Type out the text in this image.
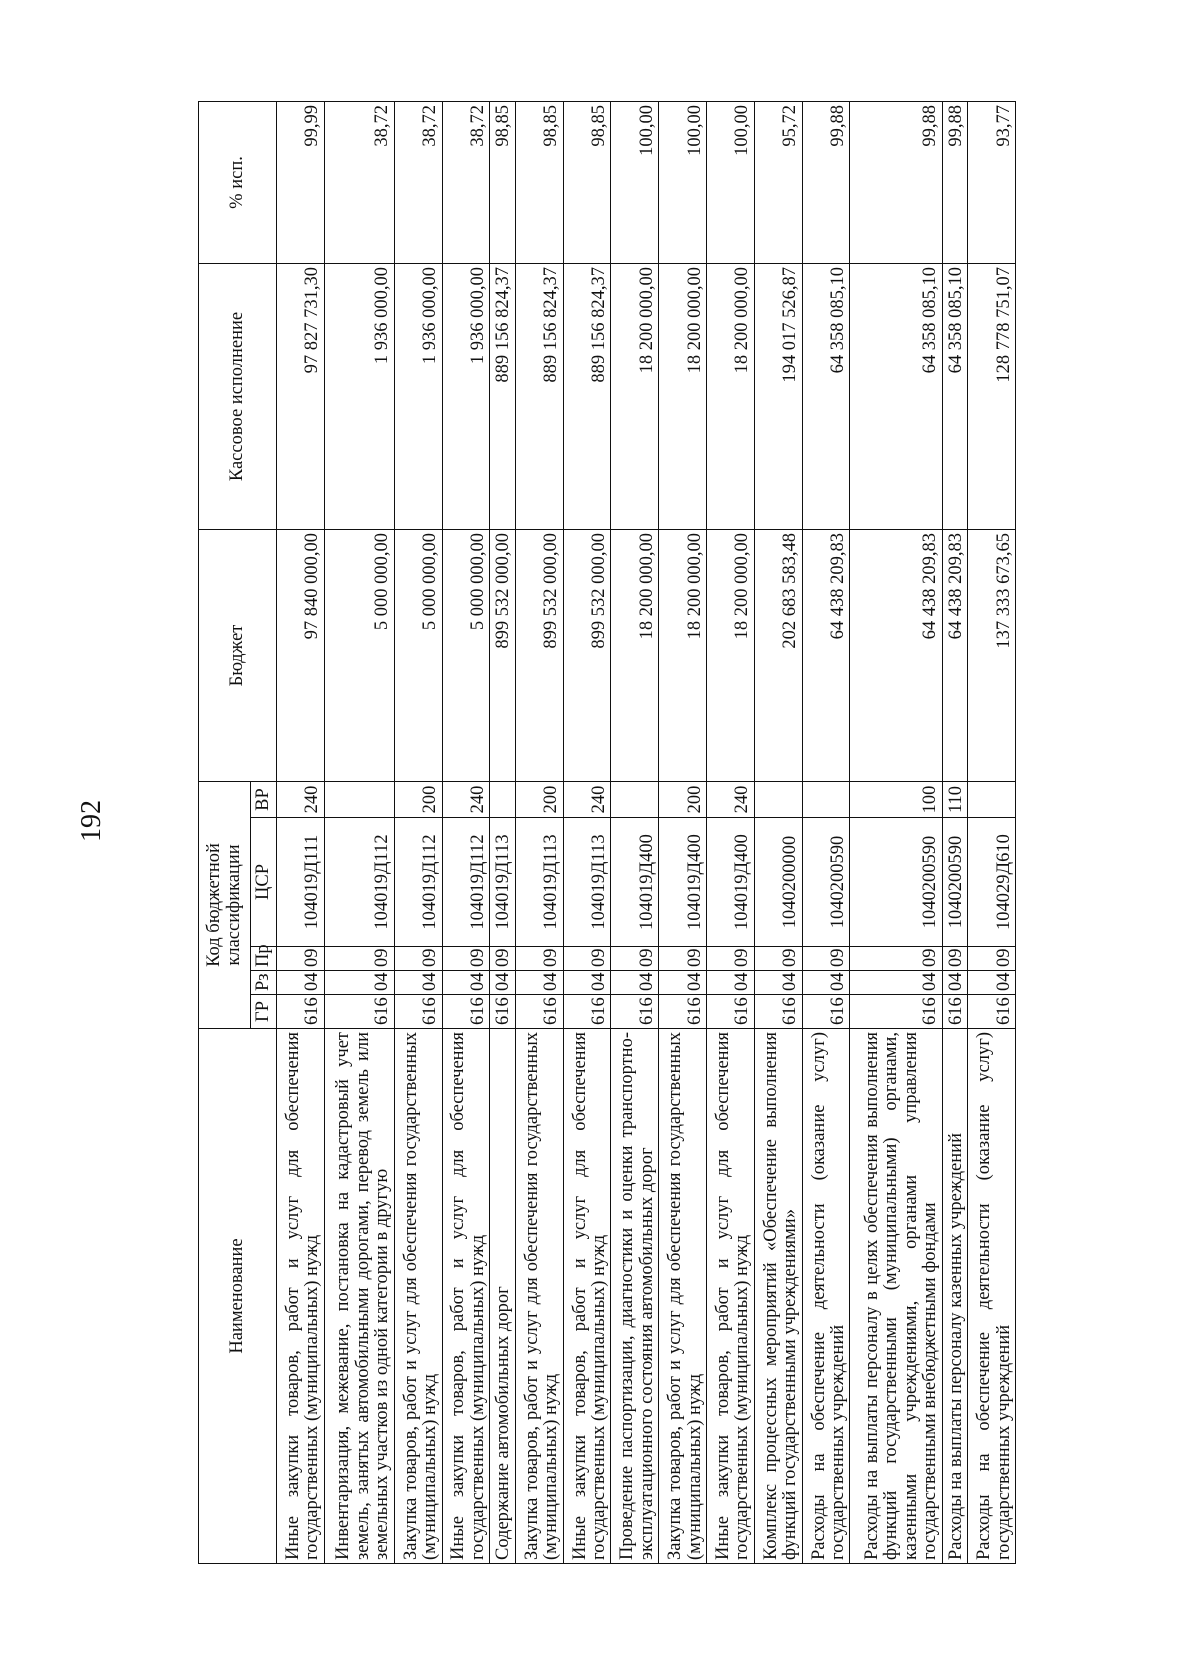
192
Наименование	Код бюджетной классификации					Бюджет	Кассовое исполнение	% исп.
	ГР	Рз	Пр	ЦСР	ВР			
Иные закупки товаров, работ и услуг для обеспечения государственных (муниципальных) нужд	616	04	09	104019Д111	240	97 840 000,00	97 827 731,30	99,99
Инвентаризация, межевание, постановка на кадастровый учет земель, занятых автомобильными дорогами, перевод земель или земельных участков из одной категории в другую	616	04	09	104019Д112		5 000 000,00	1 936 000,00	38,72
Закупка товаров, работ и услуг для обеспечения государственных (муниципальных) нужд	616	04	09	104019Д112	200	5 000 000,00	1 936 000,00	38,72
Иные закупки товаров, работ и услуг для обеспечения государственных (муниципальных) нужд	616	04	09	104019Д112	240	5 000 000,00	1 936 000,00	38,72
Содержание автомобильных дорог	616	04	09	104019Д113		899 532 000,00	889 156 824,37	98,85
Закупка товаров, работ и услуг для обеспечения государственных (муниципальных) нужд	616	04	09	104019Д113	200	899 532 000,00	889 156 824,37	98,85
Иные закупки товаров, работ и услуг для обеспечения государственных (муниципальных) нужд	616	04	09	104019Д113	240	899 532 000,00	889 156 824,37	98,85
Проведение паспортизации, диагностики и оценки транспортно-эксплуатационного состояния автомобильных дорог	616	04	09	104019Д400		18 200 000,00	18 200 000,00	100,00
Закупка товаров, работ и услуг для обеспечения государственных (муниципальных) нужд	616	04	09	104019Д400	200	18 200 000,00	18 200 000,00	100,00
Иные закупки товаров, работ и услуг для обеспечения государственных (муниципальных) нужд	616	04	09	104019Д400	240	18 200 000,00	18 200 000,00	100,00
Комплекс процессных мероприятий «Обеспечение выполнения функций государственными учреждениями»	616	04	09	1040200000		202 683 583,48	194 017 526,87	95,72
Расходы на обеспечение деятельности (оказание услуг) государственных учреждений	616	04	09	1040200590		64 438 209,83	64 358 085,10	99,88
Расходы на выплаты персоналу в целях обеспечения выполнения функций государственными (муниципальными) органами, казенными учреждениями, органами управления государственными внебюджетными фондами	616	04	09	1040200590	100	64 438 209,83	64 358 085,10	99,88
Расходы на выплаты персоналу казенных учреждений	616	04	09	1040200590	110	64 438 209,83	64 358 085,10	99,88
Расходы на обеспечение деятельности (оказание услуг) государственных учреждений	616	04	09	104029Д610		137 333 673,65	128 778 751,07	93,77
